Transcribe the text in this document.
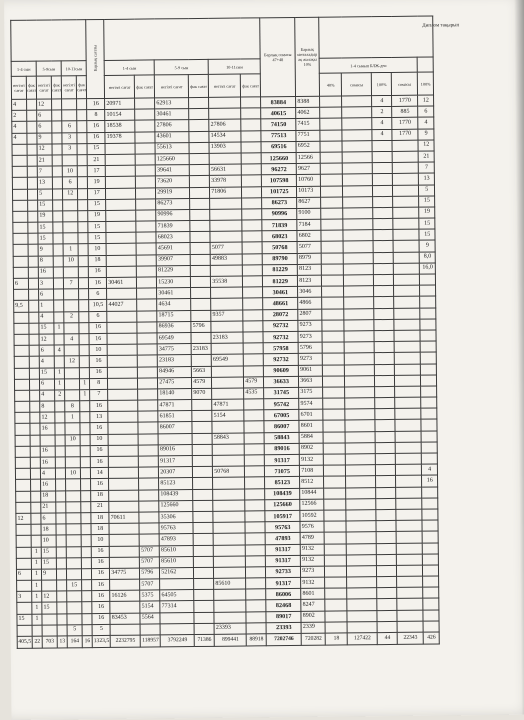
Диплом тақырып
						Барлық сағаты							Барлық сомасы 47+48	Барлық ынталадыр ақ жалақы 10%					
1-4 сын		5-9сын		10-11сын			1-4 сын		5-9 сын		10-11сын				1-4 сынып БЛЖ-ден				
негізгі сағат	фак сағат	негізгі сағат	фак сағат	негізгі сағат	фак сағат		негізгі сағат	фак сағат	негізгі сағат	фак сағат	негізгі сағат	фак сағат			40%	сомасы	100%	сомасы	100%
4		12				16	20971		62913				83884	8388			4	1770	12
2		6				8	10154		30461				40615	4062			2	885	6
4		6		6		16	18538		27806		27806		74150	7415			4	1770	4
4		9		3		16	19378		43601		14534		77513	7751			4	1770	9
		12		3		15			55613		13903		69516	6952					12
		21				21			125660				125660	12566					21
		7		10		17			39641		56631		96272	9627					7
		13		6		19			73620		33978		107598	10760					13
		5		12		17			29919		71806		101725	10173					5
		15				15			86273				86273	8627					15
		19				19			90996				90996	9100					19
		15				15			71839				71839	7184					15
		15				15			68023				68023	6802					15
		9		1		10			45691		5077		50768	5077					9
		8		10		18			39907		49883		89790	8979					8,0
		16				16			81229				81229	8123					16,0
6		3		7		16	30461		15230		35538		81229	8123					
		6				6			30461				30461	3046					
9,5		1				10,5	44027		4634				48661	4866					
		4		2		6			18715		9357		28072	2807					
		15	1			16			86936	5796			92732	9273					
		12		4		16			69549		23183		92732	9273					
		6	4			10			34775	23183			57958	5796					
		4		12		16			23183		69549		92732	9273					
		15	1			16			84946	5663			90609	9061					
		6	1		1	8			27475	4579		4579	36633	3663					
		4	2		1	7			18140	9070		4535	31745	3175					
		8		8		16			47871		47871		95742	9574					
		12		1		13			61851		5154		67005	6701					
		16				16			86007				86007	8601					
				10		10					58843		58843	5884					
		16				16			89016				89016	8902					
		16				16			91317				91317	9132					
		4		10		14			20307		50768		71075	7108					4
		16				16			85123				85123	8512					16
		18				18			108439				108439	10844					
		21				21			125660				125660	12566					
12		6				18	70611		35306				105917	10592					
		18				18			95763				95763	9576					
		10				10			47893				47893	4789					
	1	15				16		5707	85610				91317	9132					
	1	15				16		5707	85610				91317	9132					
6	1	9				16	34775	5796	52162				92733	9273					
	1			15		16		5707			85610		91317	9132					
3	1	12				16	16126	5375	64505				86006	8601					
	1	15				16		5154	77314				82468	8247					
15	1					16	83453	5564					89017	8902					
				5		5					23393		23393	2339					
405,5	22	703	13	164	16	1323,5	2232795	118957	3792249	71386	899441	88918	7202746	720282	18	127422	44	22343	426
